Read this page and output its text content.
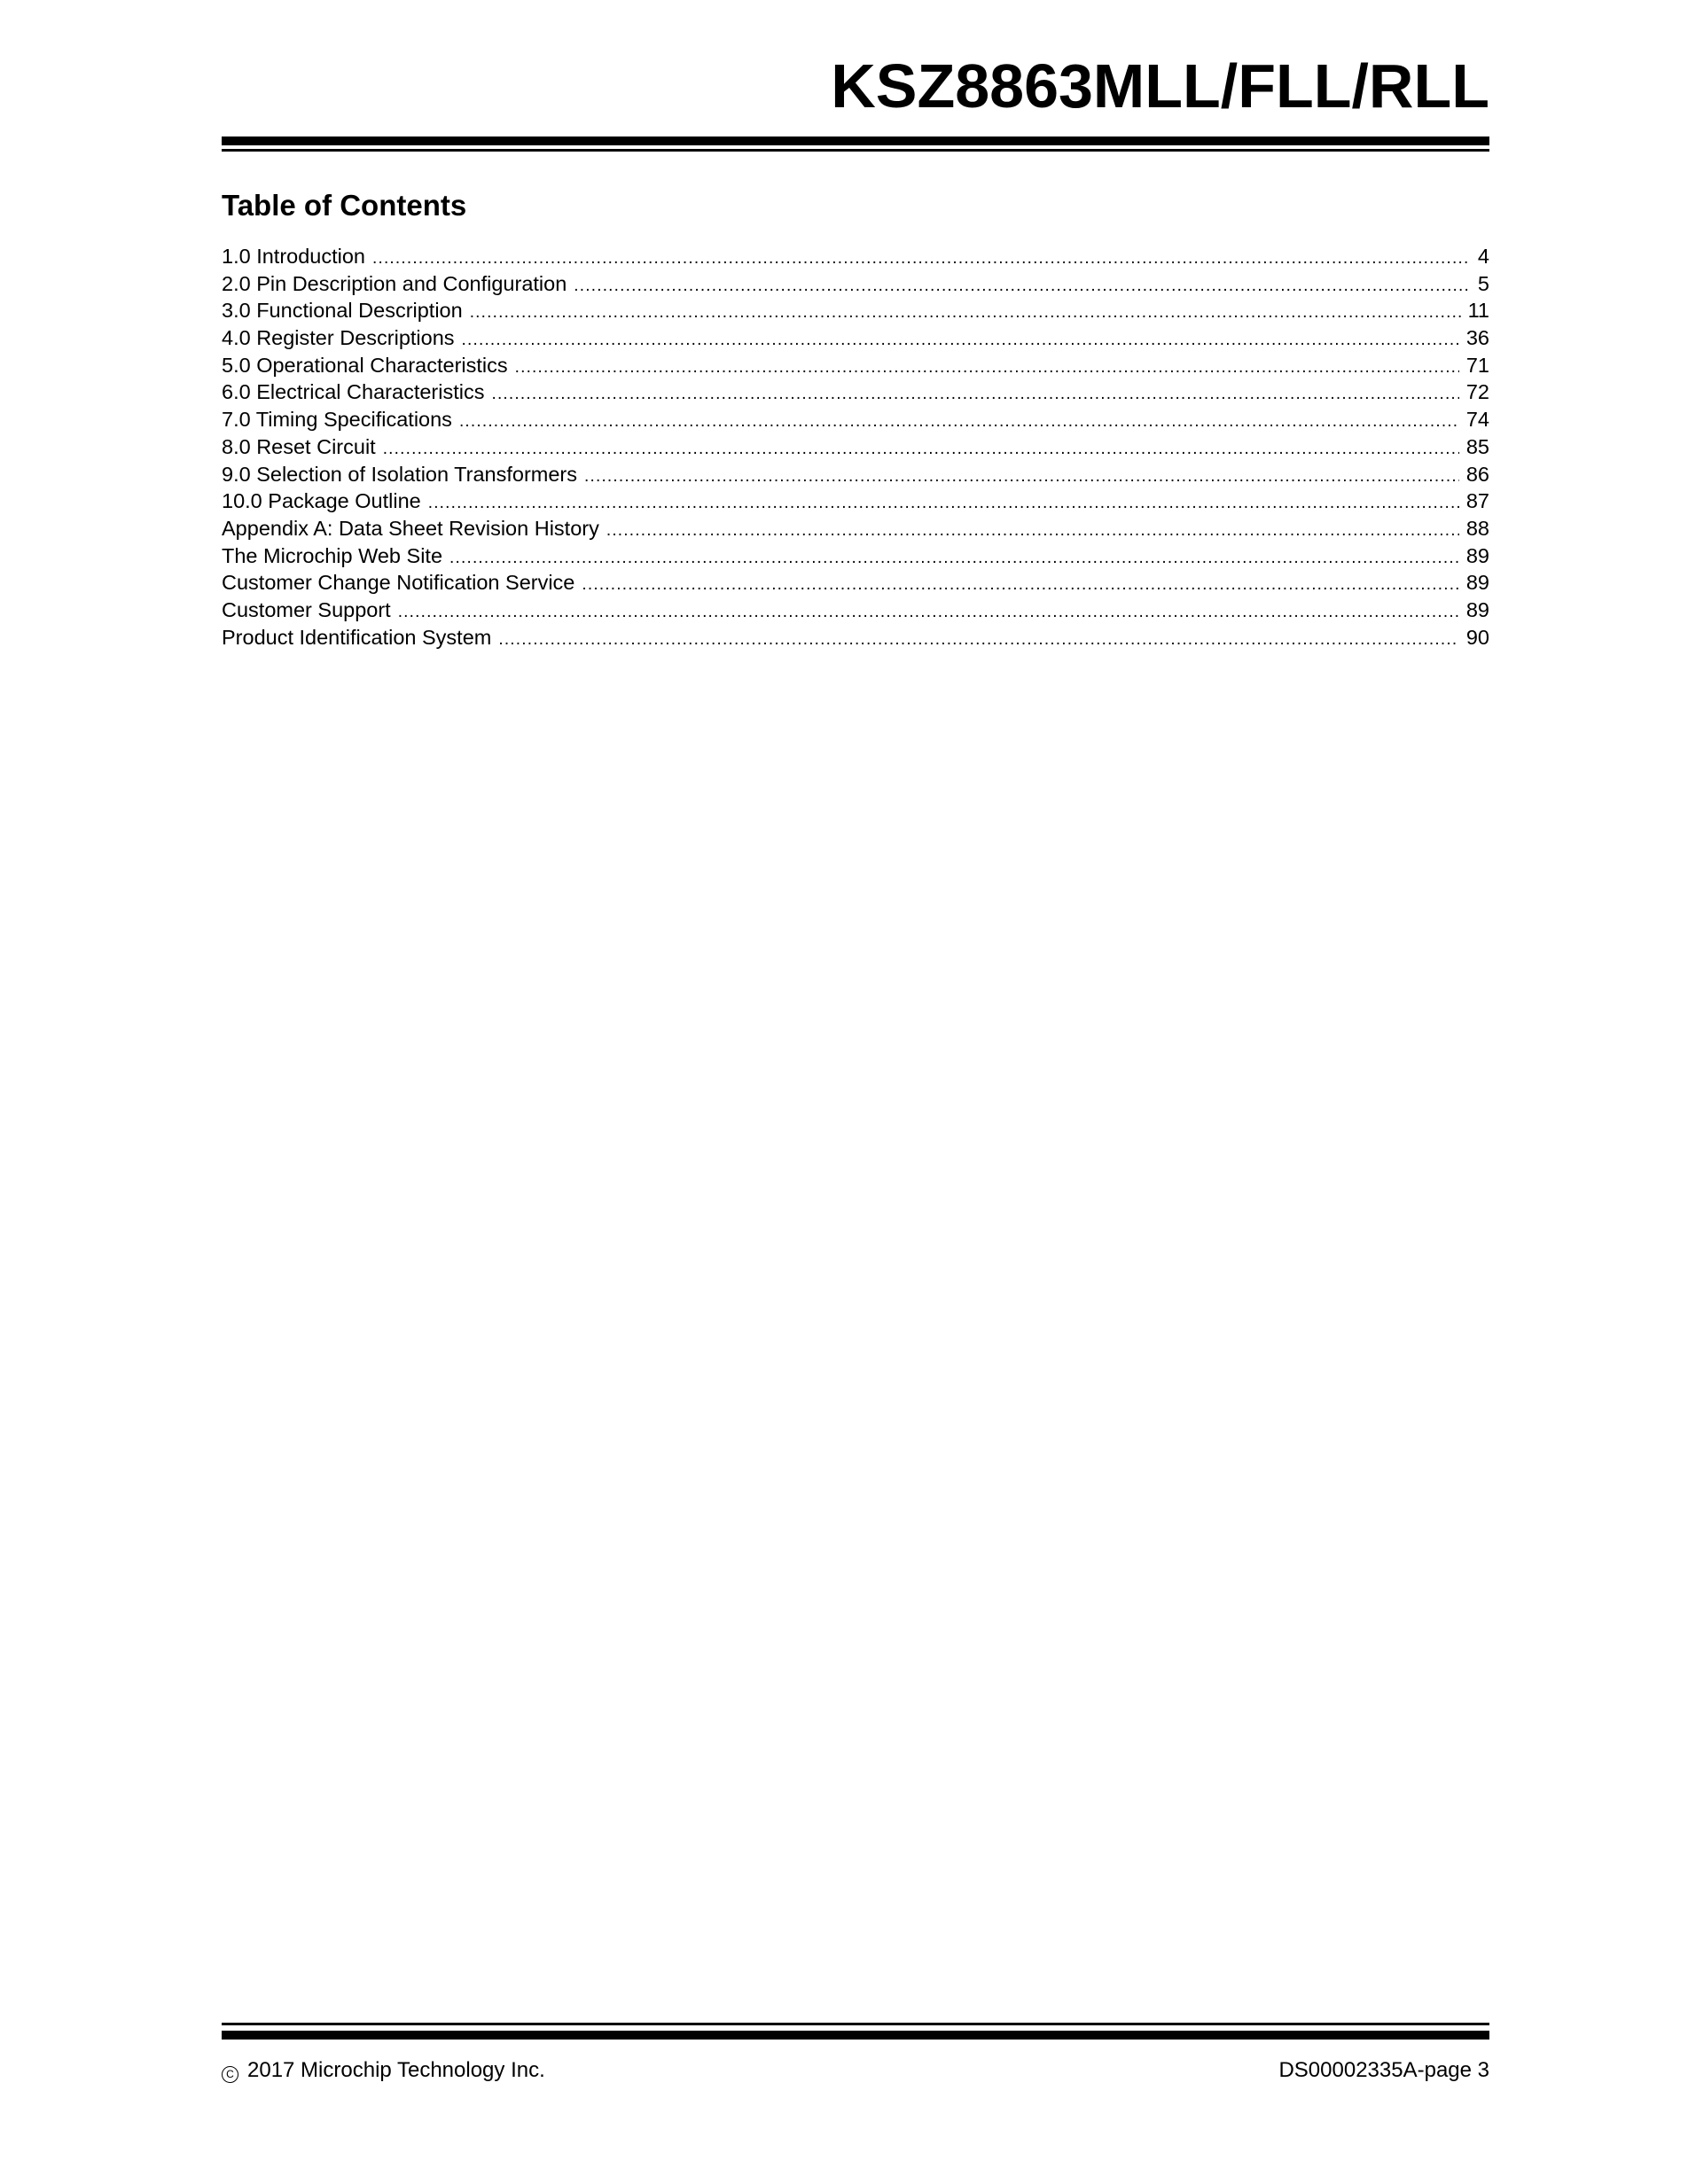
KSZ8863MLL/FLL/RLL
Table of Contents
1.0 Introduction .....	4
2.0 Pin Description and Configuration .....	5
3.0 Functional Description .....	11
4.0 Register Descriptions .....	36
5.0 Operational Characteristics .....	71
6.0 Electrical Characteristics .....	72
7.0 Timing Specifications .....	74
8.0 Reset Circuit .....	85
9.0 Selection of Isolation Transformers .....	86
10.0 Package Outline .....	87
Appendix A: Data Sheet Revision History .....	88
The Microchip Web Site .....	89
Customer Change Notification Service .....	89
Customer Support .....	89
Product Identification System .....	90
C 2017 Microchip Technology Inc.	DS00002335A-page 3
